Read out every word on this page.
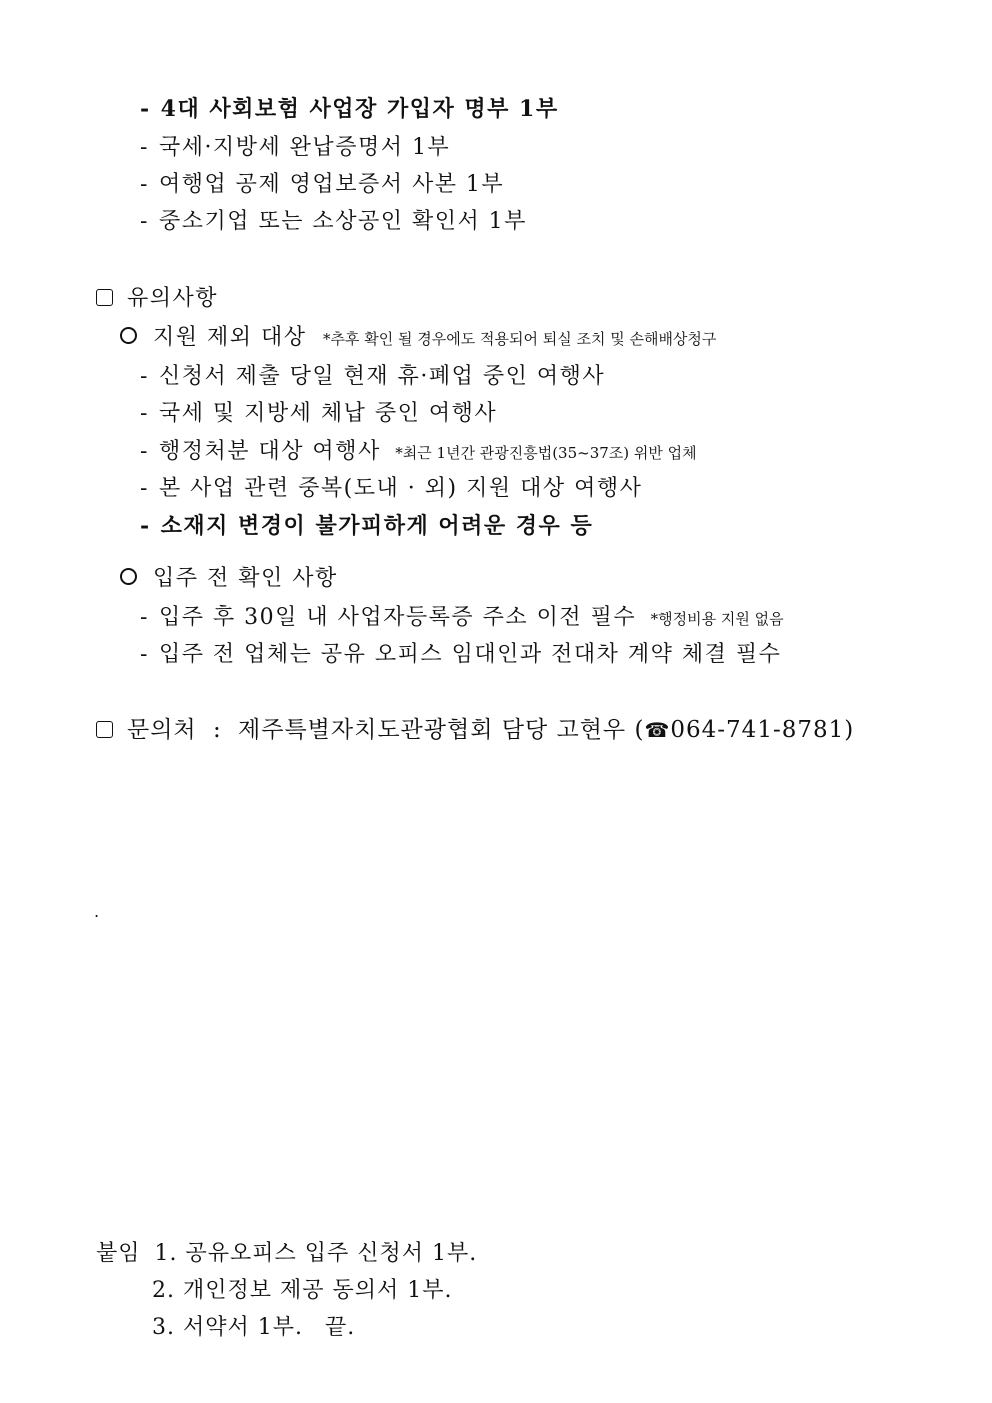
- 4대 사회보험 사업장 가입자 명부 1부
- 국세·지방세 완납증명서 1부
- 여행업 공제 영업보증서 사본 1부
- 중소기업 또는 소상공인 확인서 1부
유의사항
지원 제외 대상 *추후 확인 될 경우에도 적용되어 퇴실 조치 및 손해배상청구
- 신청서 제출 당일 현재 휴·폐업 중인 여행사
- 국세 및 지방세 체납 중인 여행사
- 행정처분 대상 여행사 *최근 1년간 관광진흥법(35~37조) 위반 업체
- 본 사업 관련 중복(도내 · 외) 지원 대상 여행사
- 소재지 변경이 불가피하게 어려운 경우 등
입주 전 확인 사항
- 입주 후 30일 내 사업자등록증 주소 이전 필수 *행정비용 지원 없음
- 입주 전 업체는 공유 오피스 임대인과 전대차 계약 체결 필수
문의처 : 제주특별자치도관광협회 담당 고현우 (☎064-741-8781)
.
붙임 1. 공유오피스 입주 신청서 1부.
2. 개인정보 제공 동의서 1부.
3. 서약서 1부. 끝.
